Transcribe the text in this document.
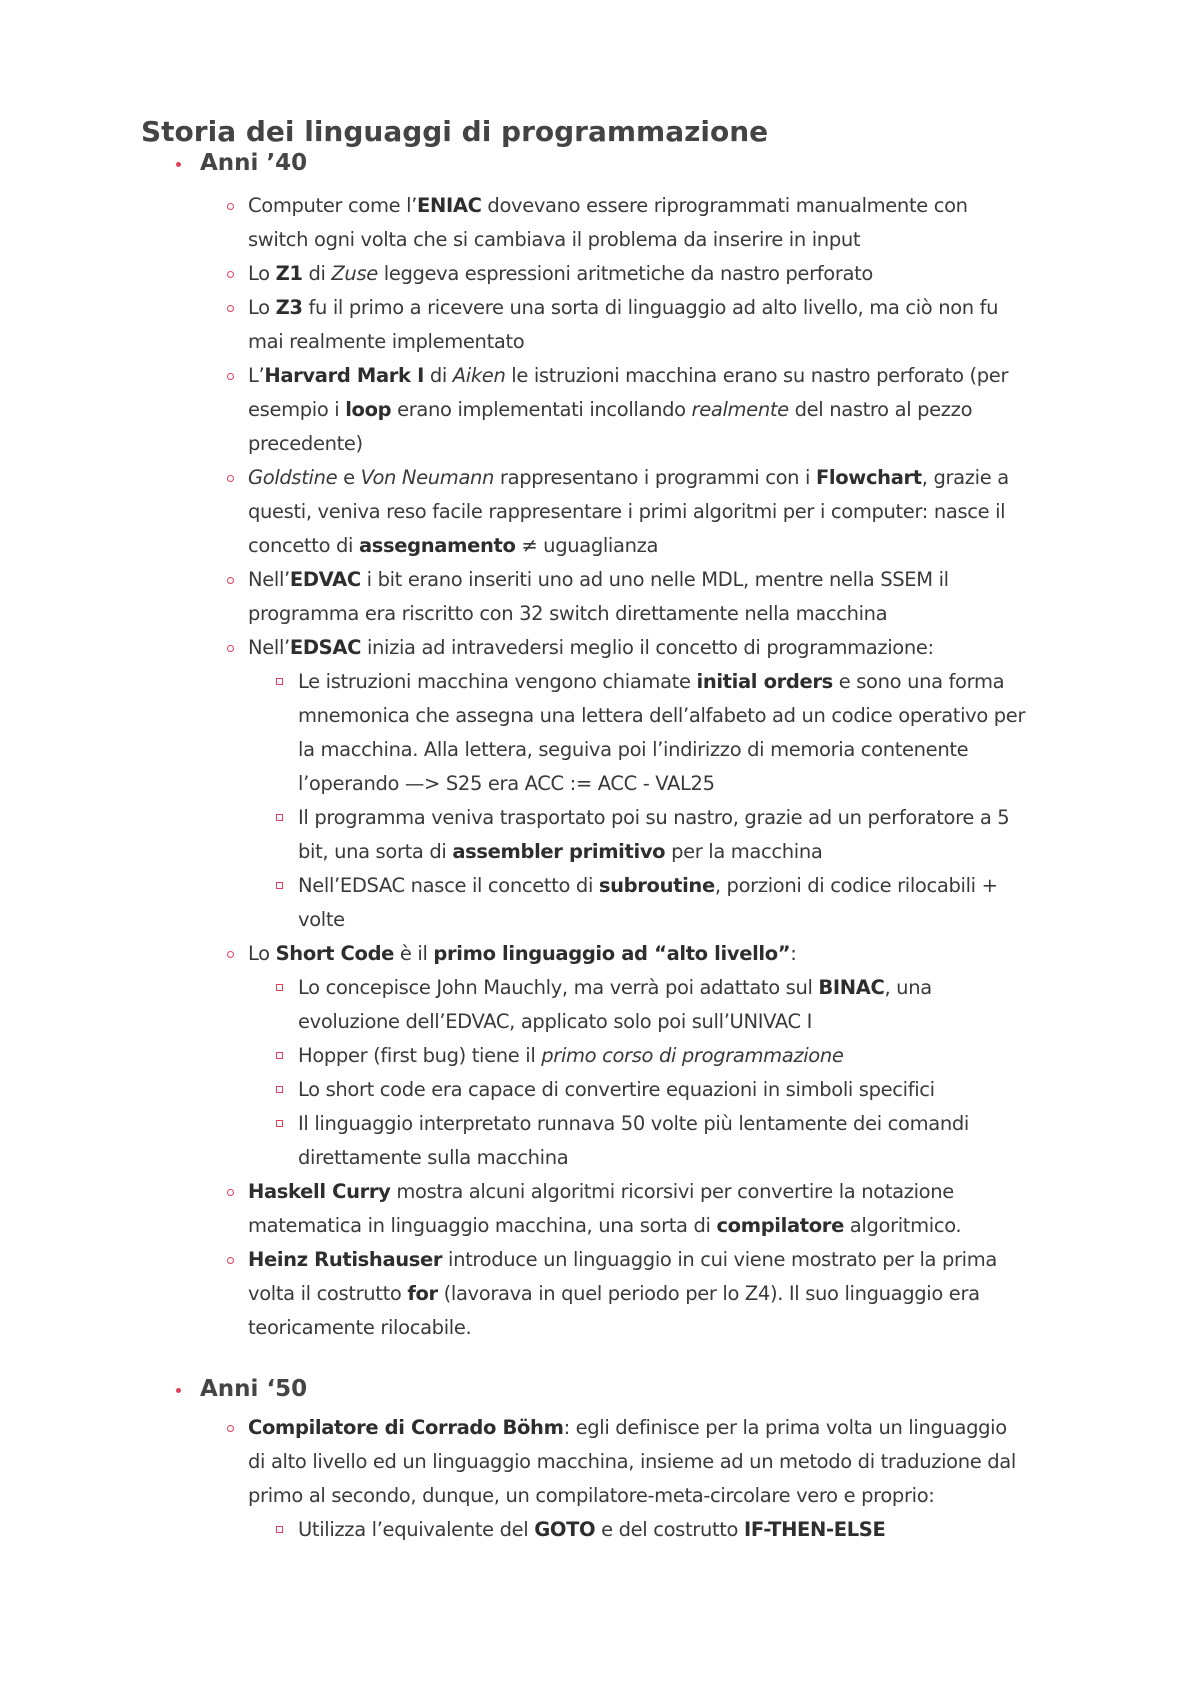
Storia dei linguaggi di programmazione
Anni ’40
Computer come l’ENIAC dovevano essere riprogrammati manualmente con switch ogni volta che si cambiava il problema da inserire in input
Lo Z1 di Zuse leggeva espressioni aritmetiche da nastro perforato
Lo Z3 fu il primo a ricevere una sorta di linguaggio ad alto livello, ma ciò non fu mai realmente implementato
L’Harvard Mark I di Aiken le istruzioni macchina erano su nastro perforato (per esempio i loop erano implementati incollando realmente del nastro al pezzo precedente)
Goldstine e Von Neumann rappresentano i programmi con i Flowchart, grazie a questi, veniva reso facile rappresentare i primi algoritmi per i computer: nasce il concetto di assegnamento ≠ uguaglianza
Nell’EDVAC i bit erano inseriti uno ad uno nelle MDL, mentre nella SSEM il programma era riscritto con 32 switch direttamente nella macchina
Nell’EDSAC inizia ad intravedersi meglio il concetto di programmazione:
Le istruzioni macchina vengono chiamate initial orders e sono una forma mnemonica che assegna una lettera dell’alfabeto ad un codice operativo per la macchina. Alla lettera, seguiva poi l’indirizzo di memoria contenente l’operando —> S25 era ACC := ACC - VAL25
Il programma veniva trasportato poi su nastro, grazie ad un perforatore a 5 bit, una sorta di assembler primitivo per la macchina
Nell’EDSAC nasce il concetto di subroutine, porzioni di codice rilocabili + volte
Lo Short Code è il primo linguaggio ad “alto livello”:
Lo concepisce John Mauchly, ma verrà poi adattato sul BINAC, una evoluzione dell’EDVAC, applicato solo poi sull’UNIVAC I
Hopper (first bug) tiene il primo corso di programmazione
Lo short code era capace di convertire equazioni in simboli specifici
Il linguaggio interpretato runnava 50 volte più lentamente dei comandi direttamente sulla macchina
Haskell Curry mostra alcuni algoritmi ricorsivi per convertire la notazione matematica in linguaggio macchina, una sorta di compilatore algoritmico.
Heinz Rutishauser introduce un linguaggio in cui viene mostrato per la prima volta il costrutto for (lavorava in quel periodo per lo Z4). Il suo linguaggio era teoricamente rilocabile.
Anni ‘50
Compilatore di Corrado Böhm: egli definisce per la prima volta un linguaggio di alto livello ed un linguaggio macchina, insieme ad un metodo di traduzione dal primo al secondo, dunque, un compilatore-meta-circolare vero e proprio:
Utilizza l’equivalente del GOTO e del costrutto IF-THEN-ELSE
